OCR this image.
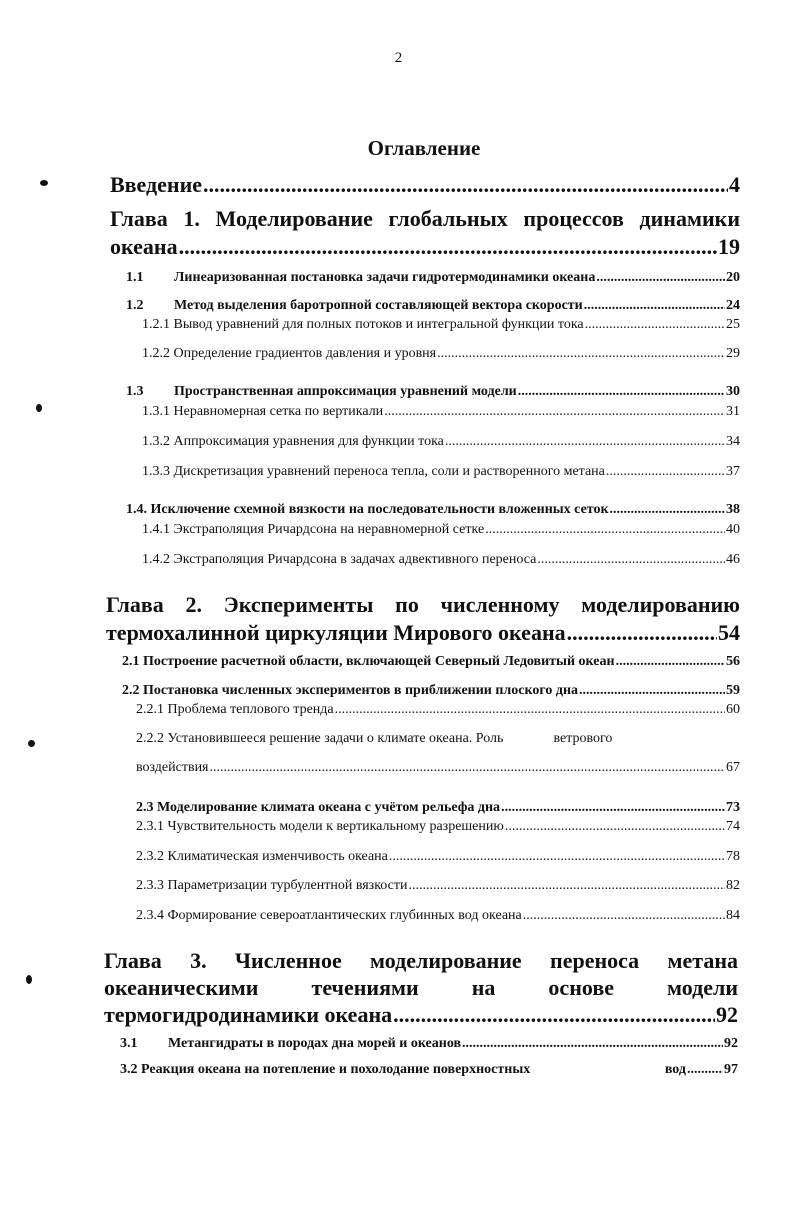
2
Оглавление
Введение .....	4
Глава 1. Моделирование глобальных процессов динамики
океана .....	19
1.1	Линеаризованная постановка задачи гидротермодинамики океана .....	20
1.2	Метод выделения баротропной составляющей вектора скорости .....	24
1.2.1 Вывод уравнений для полных потоков и интегральной функции тока .....	25
1.2.2 Определение градиентов давления и уровня .....	29
1.3	Пространственная аппроксимация уравнений модели .....	30
1.3.1 Неравномерная сетка по вертикали .....	31
1.3.2 Аппроксимация уравнения для функции тока .....	34
1.3.3 Дискретизация уравнений переноса тепла, соли и растворенного метана .....	37
1.4. Исключение схемной вязкости на последовательности вложенных сеток .....	38
1.4.1 Экстраполяция Ричардсона на неравномерной сетке .....	40
1.4.2 Экстраполяция Ричардсона в задачах адвективного переноса .....	46
Глава 2. Эксперименты по численному моделированию
термохалинной циркуляции Мирового океана .....	54
2.1 Построение расчетной области, включающей Северный Ледовитый океан .....	56
2.2 Постановка численных экспериментов в приближении плоского дна .....	59
2.2.1 Проблема теплового тренда .....	60
2.2.2 Установившееся решение задачи о климате океана. Роль	ветрового
воздействия .....	67
2.3 Моделирование климата океана с учётом рельефа дна .....	73
2.3.1 Чувствительность модели к вертикальному разрешению .....	74
2.3.2 Климатическая изменчивость океана .....	78
2.3.3 Параметризации турбулентной вязкости .....	82
2.3.4 Формирование североатлантических глубинных вод океана .....	84
Глава 3. Численное моделирование переноса метана
океаническими течениями на основе модели
термогидродинамики океана .....	92
3.1	Метангидраты в породах дна морей и океанов .....	92
3.2 Реакция океана на потепление и похолодание поверхностных	вод .....	97
